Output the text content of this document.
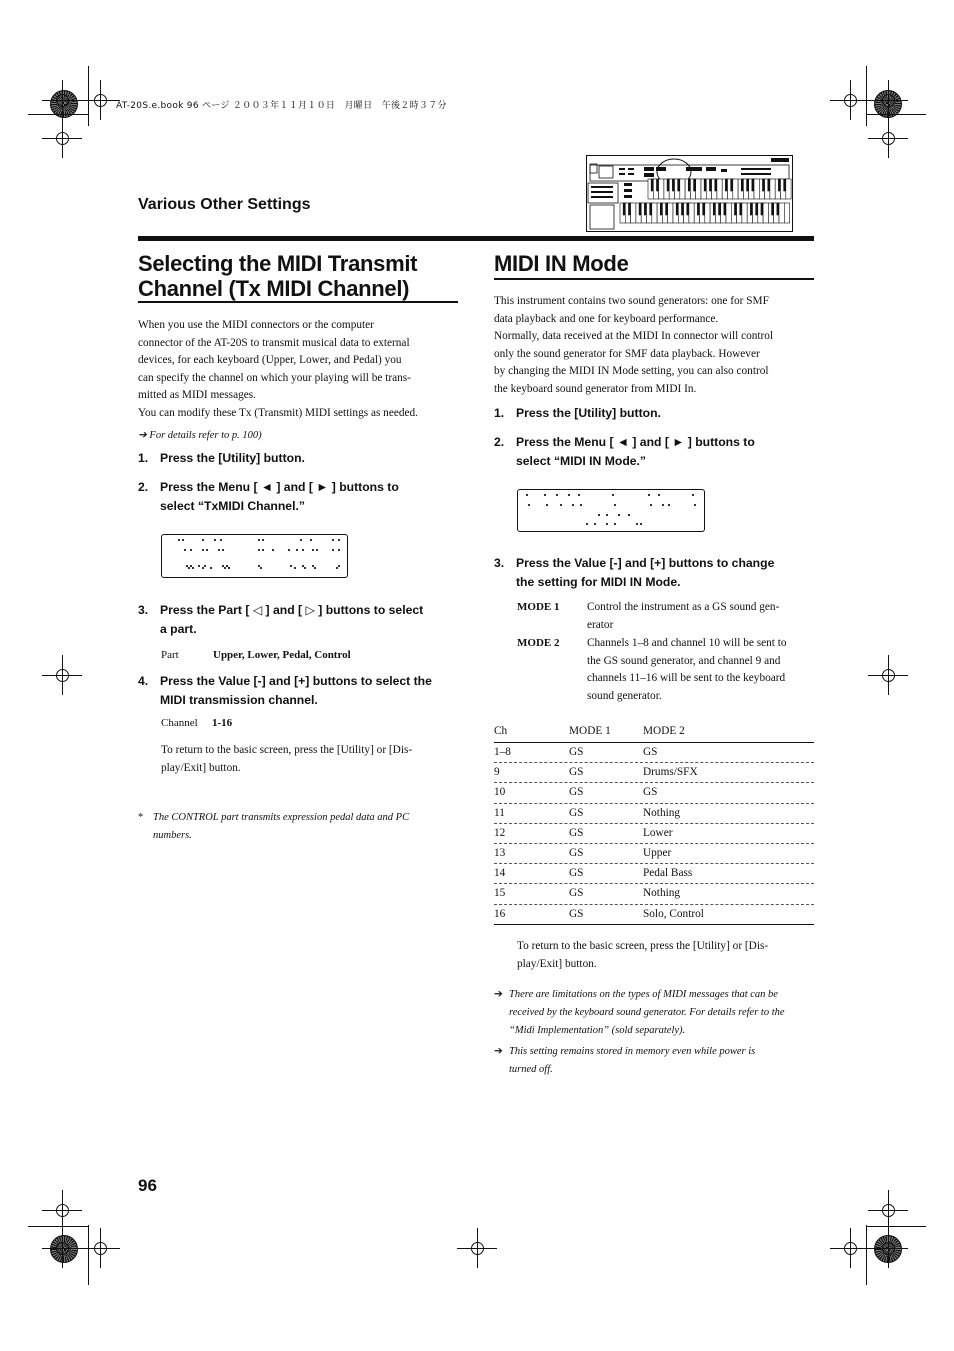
AT-20S.e.book 96 ページ ２００３年１１月１０日　月曜日　午後２時３７分
Various Other Settings
Selecting the MIDI Transmit
Channel (Tx MIDI Channel)
When you use the MIDI connectors or the computer
connector of the AT-20S to transmit musical data to external
devices, for each keyboard (Upper, Lower, and Pedal) you
can specify the channel on which your playing will be trans-
mitted as MIDI messages.
You can modify these Tx (Transmit) MIDI settings as needed.
➔ For details refer to p. 100)
1. Press the [Utility] button.
2. Press the Menu [ ◄ ] and [ ► ] buttons to
select “TxMIDI Channel.”
3. Press the Part [ ◁ ] and [ ▷ ] buttons to select
a part.
Part	Upper, Lower, Pedal, Control
4. Press the Value [-] and [+] buttons to select the
MIDI transmission channel.
Channel 1-16
To return to the basic screen, press the [Utility] or [Dis-
play/Exit] button.
* The CONTROL part transmits expression pedal data and PC
numbers.
MIDI IN Mode
This instrument contains two sound generators: one for SMF
data playback and one for keyboard performance.
Normally, data received at the MIDI In connector will control
only the sound generator for SMF data playback. However
by changing the MIDI IN Mode setting, you can also control
the keyboard sound generator from MIDI In.
1. Press the [Utility] button.
2. Press the Menu [ ◄ ] and [ ► ] buttons to
select “MIDI IN Mode.”
3. Press the Value [-] and [+] buttons to change
the setting for MIDI IN Mode.
MODE 1 Control the instrument as a GS sound gen-
erator
MODE 2 Channels 1–8 and channel 10 will be sent to
the GS sound generator, and channel 9 and
channels 11–16 will be sent to the keyboard
sound generator.
Ch	MODE 1	MODE 2
1–8	GS	GS
9	GS	Drums/SFX
10	GS	GS
11	GS	Nothing
12	GS	Lower
13	GS	Upper
14	GS	Pedal Bass
15	GS	Nothing
16	GS	Solo, Control
To return to the basic screen, press the [Utility] or [Dis-
play/Exit] button.
➔ There are limitations on the types of MIDI messages that can be
received by the keyboard sound generator. For details refer to the
“Midi Implementation” (sold separately).
➔ This setting remains stored in memory even while power is
turned off.
96
